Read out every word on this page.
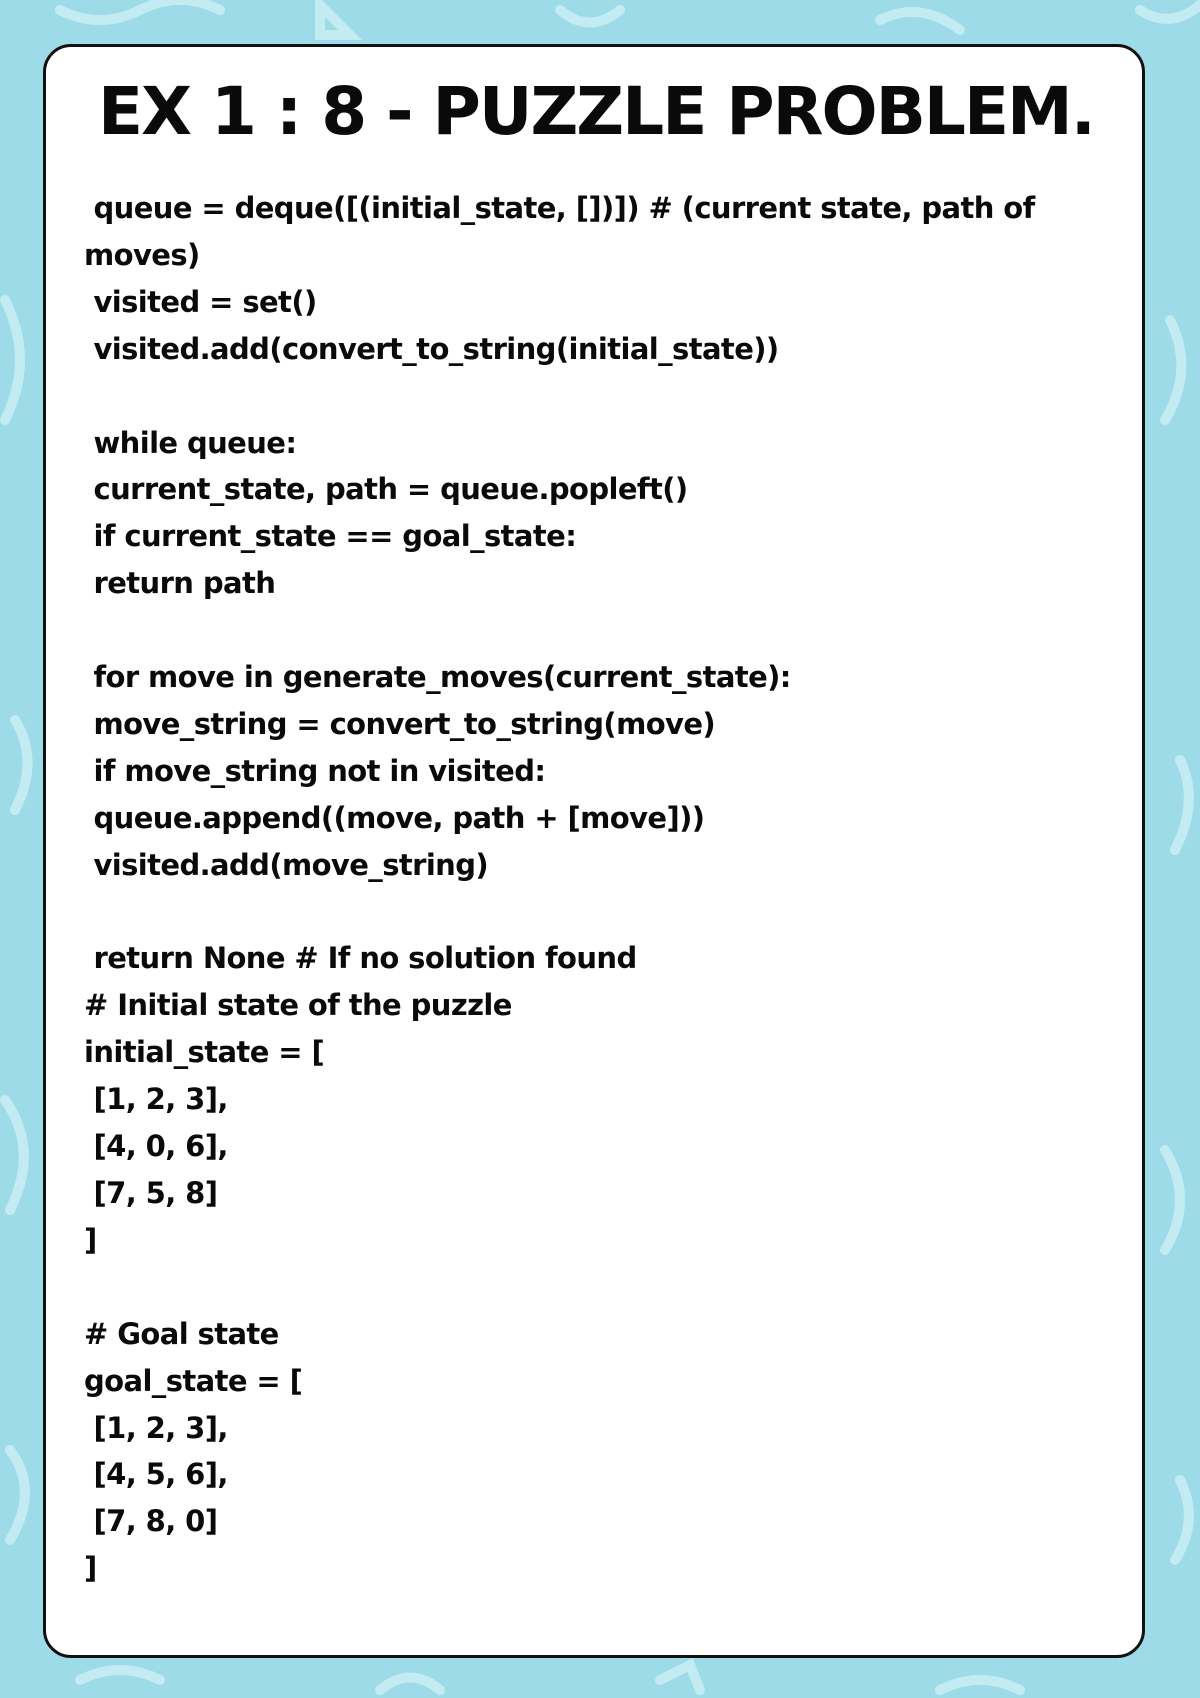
EX 1 : 8 - PUZZLE PROBLEM.
queue = deque([(initial_state, [])]) # (current state, path of
moves)
visited = set()
visited.add(convert_to_string(initial_state))
while queue:
current_state, path = queue.popleft()
if current_state == goal_state:
return path
for move in generate_moves(current_state):
move_string = convert_to_string(move)
if move_string not in visited:
queue.append((move, path + [move]))
visited.add(move_string)
return None # If no solution found
# Initial state of the puzzle
initial_state = [
[1, 2, 3],
[4, 0, 6],
[7, 5, 8]
]
# Goal state
goal_state = [
[1, 2, 3],
[4, 5, 6],
[7, 8, 0]
]
